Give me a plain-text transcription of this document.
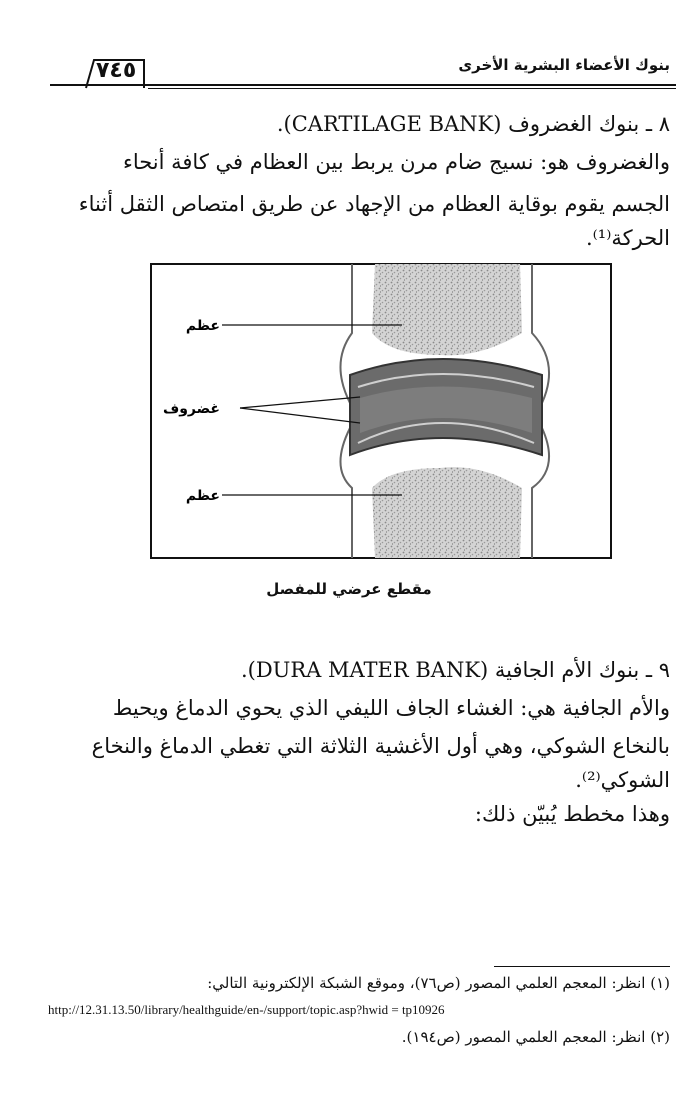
بنوك الأعضاء البشرية الأخرى
٧٤٥
٨ ـ بنوك الغضروف (CARTILAGE BANK).
والغضروف هو: نسيج ضام مرن يربط بين العظام في كافة أنحاء
الجسم يقوم بوقاية العظام من الإجهاد عن طريق امتصاص الثقل أثناء
الحركة⁽¹⁾.
عظم
غضروف
عظم
مقطع عرضي للمفصل
٩ ـ بنوك الأم الجافية (DURA MATER BANK).
والأم الجافية هي: الغشاء الجاف الليفي الذي يحوي الدماغ ويحيط
بالنخاع الشوكي، وهي أول الأغشية الثلاثة التي تغطي الدماغ والنخاع
الشوكي⁽²⁾.
وهذا مخطط يُبيّن ذلك:
(١) انظر: المعجم العلمي المصور (ص٧٦)، وموقع الشبكة الإلكترونية التالي:
http://12.31.13.50/library/healthguide/en-/support/topic.asp?hwid = tp10926
(٢) انظر: المعجم العلمي المصور (ص١٩٤).
